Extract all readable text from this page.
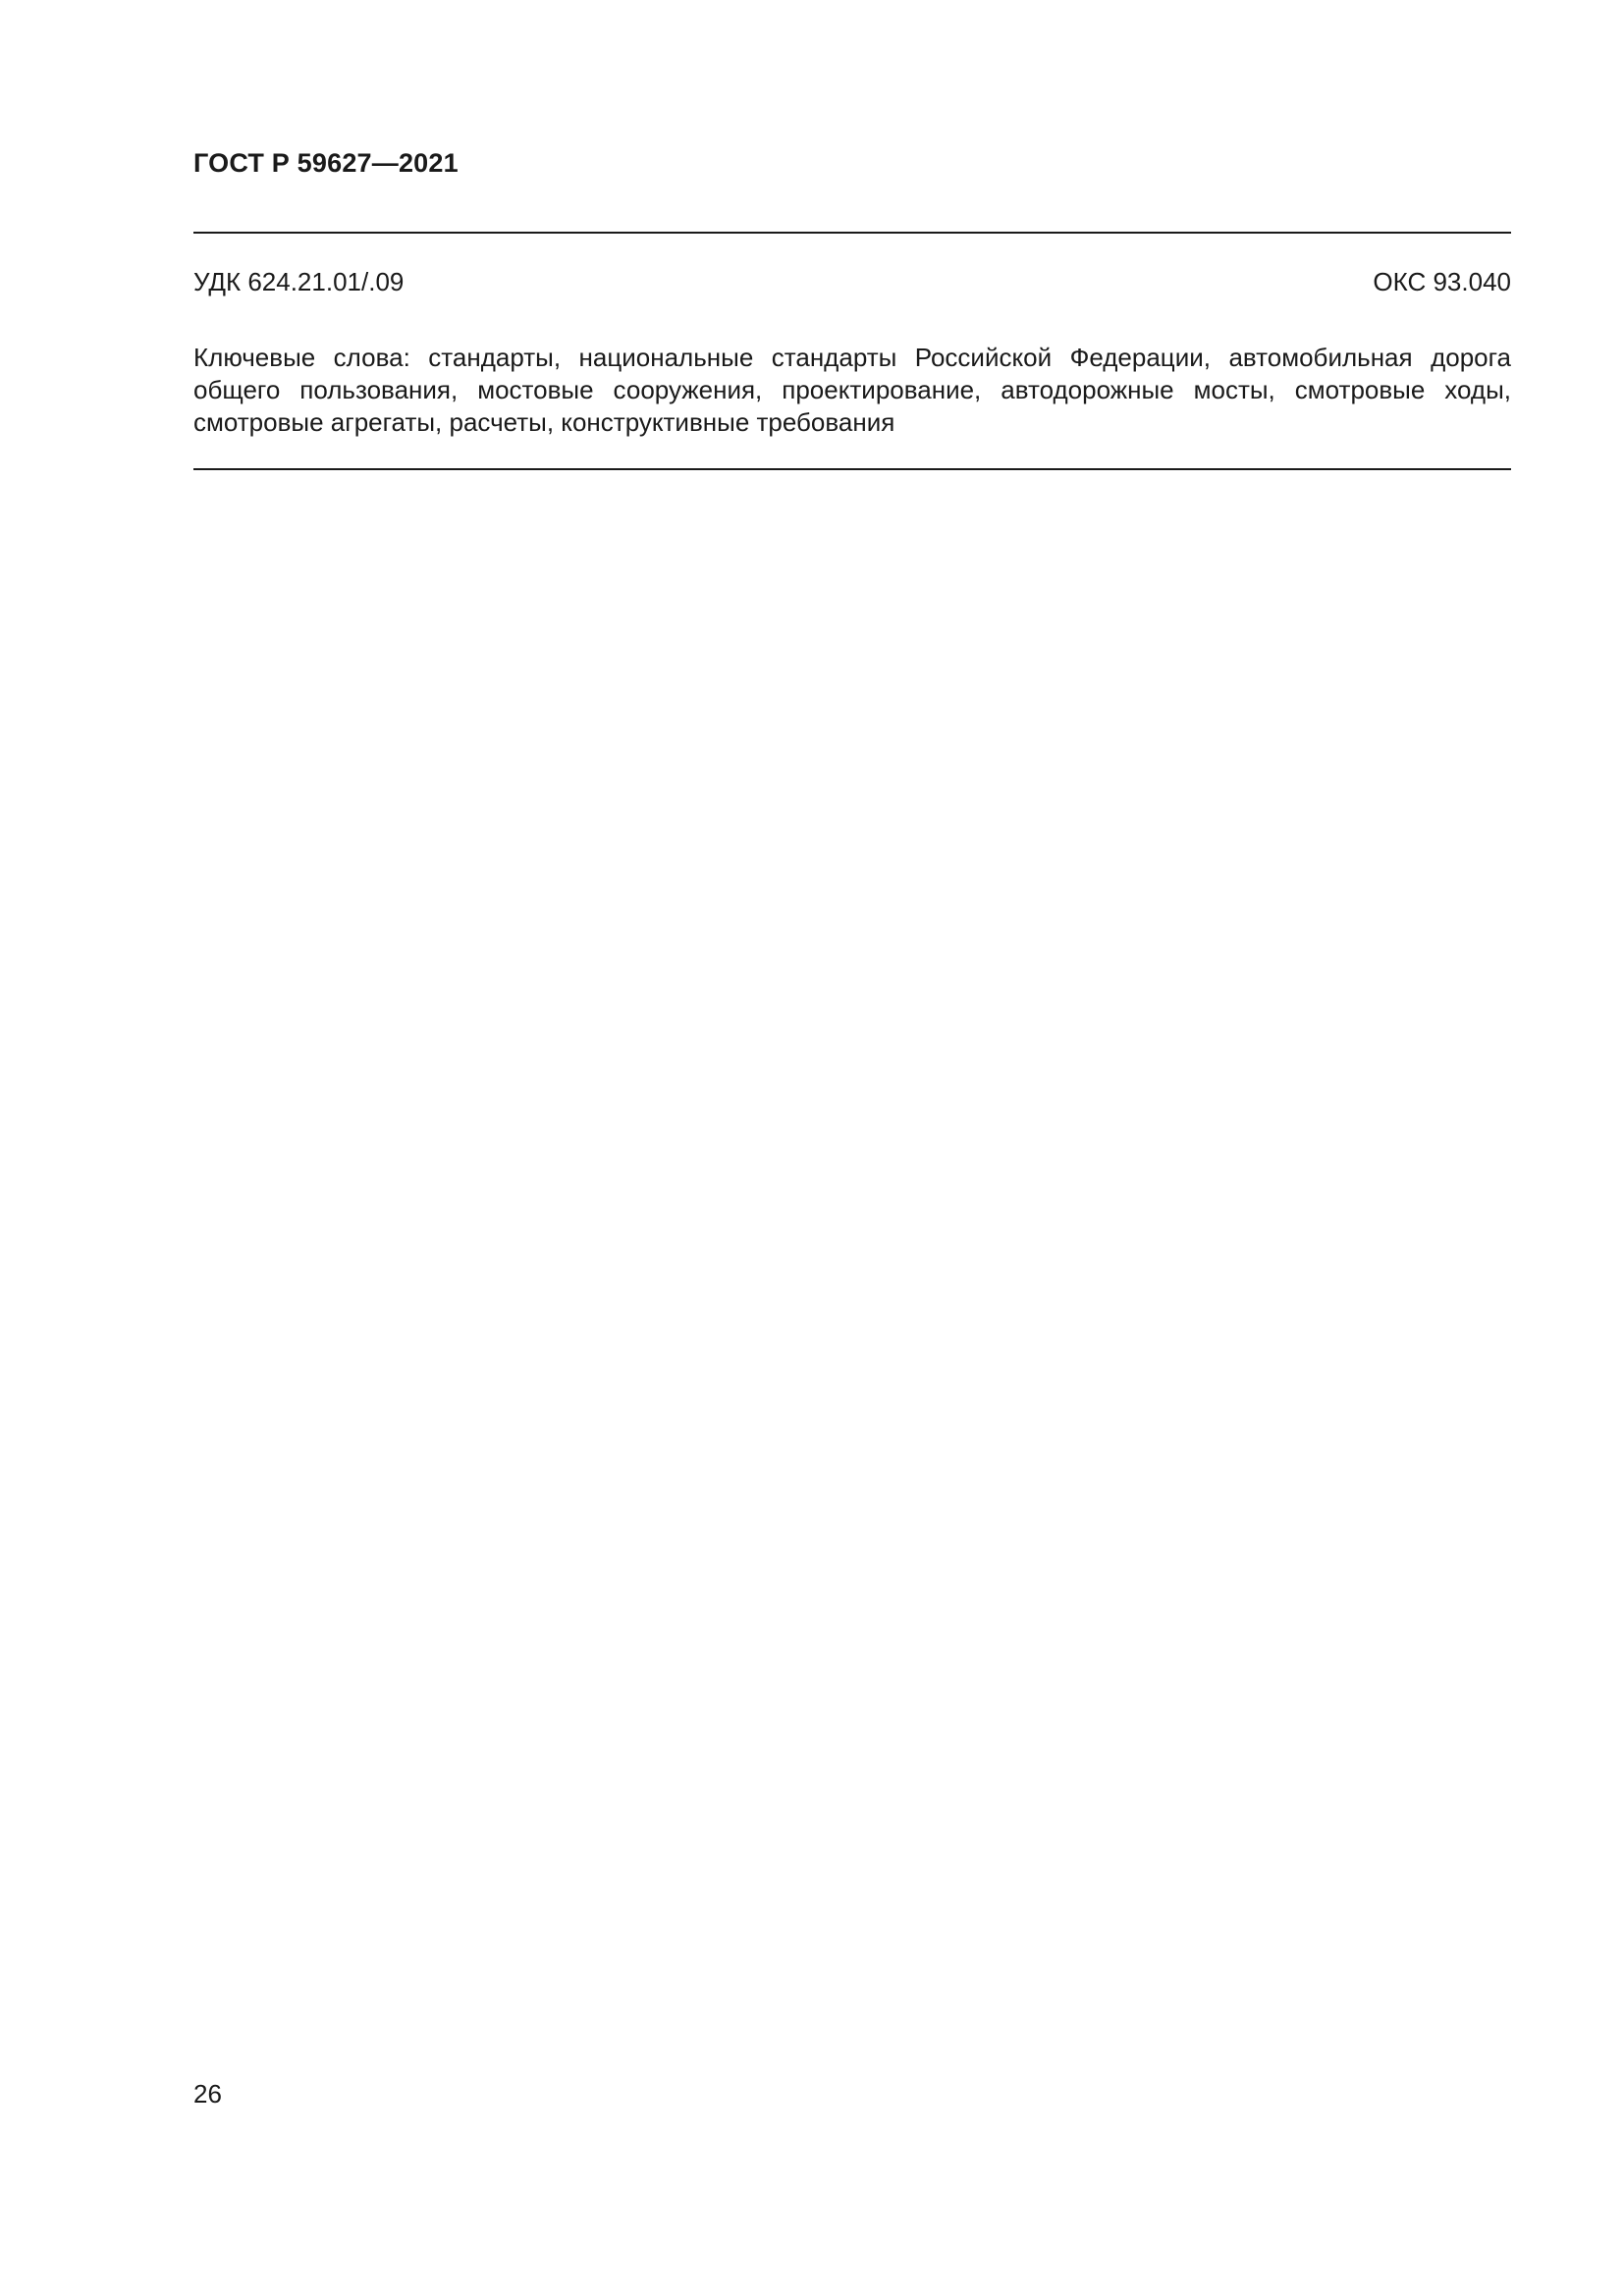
ГОСТ Р 59627—2021
УДК 624.21.01/.09	ОКС 93.040
Ключевые слова: стандарты, национальные стандарты Российской Федерации, автомобильная дорога общего пользования, мостовые сооружения, проектирование, автодорожные мосты, смотровые ходы, смотровые агрегаты, расчеты, конструктивные требования
26
